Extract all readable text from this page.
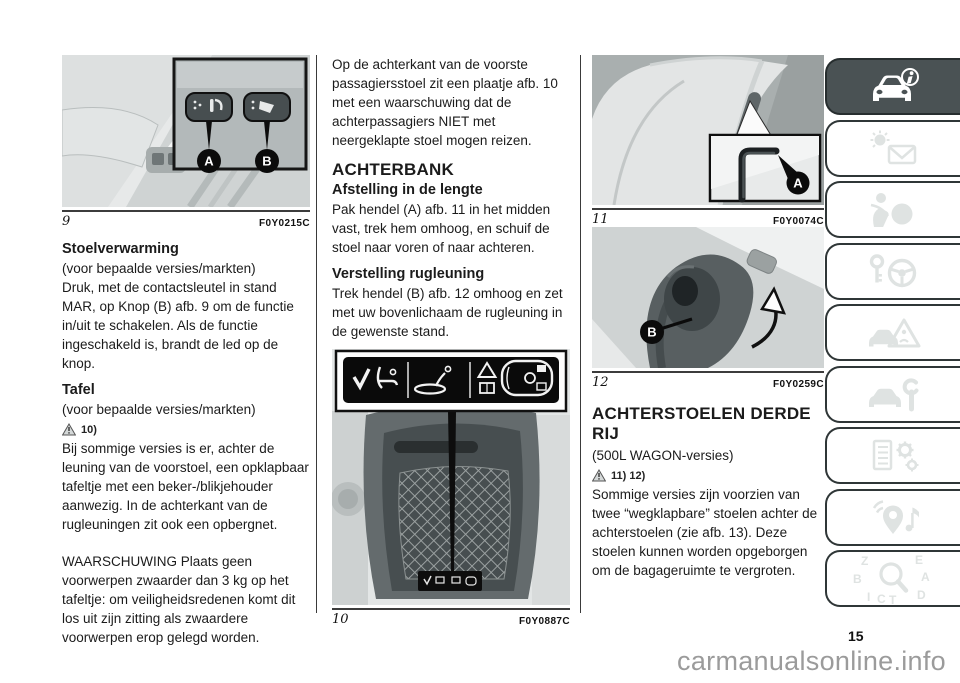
A	B
9	F0Y0215C
Stoelverwarming

(voor bepaalde versies/markten)

Druk, met de contactsleutel in stand MAR, op Knop (B) afb. 9 om de functie in/uit te schakelen. Als de functie ingeschakeld is, brandt de led op de knop.

Tafel

(voor bepaalde versies/markten)

10)

Bij sommige versies is er, achter de leuning van de voorstoel, een opklapbaar tafeltje met een beker-/blikjehouder aanwezig. In de achterkant van de rugleuningen zit ook een opbergnet.

WAARSCHUWING Plaats geen voorwerpen zwaarder dan 3 kg op het tafeltje: om veiligheidsredenen komt dit los uit zijn zitting als zwaardere voorwerpen erop gelegd worden.

Op de achterkant van de voorste passagiersstoel zit een plaatje afb. 10 met een waarschuwing dat de achterpassagiers NIET met neergeklapte stoel mogen reizen.

ACHTERBANK
Afstelling in de lengte

Pak hendel (A) afb. 11 in het midden vast, trek hem omhoog, en schuif de stoel naar voren of naar achteren.

Verstelling rugleuning

Trek hendel (B) afb. 12 omhoog en zet met uw bovenlichaam de rugleuning in de gewenste stand.

10	F0Y0887C
A
11	F0Y0074C
B
12	F0Y0259C
ACHTERSTOELEN DERDE RIJ

(500L WAGON-versies)

11) 12)

Sommige versies zijn voorzien van twee “wegklapbare” stoelen achter de achterstoelen (zie afb. 13). Deze stoelen kunnen worden opgeborgen om de bagageruimte te vergroten.

Z	E
B	A
I C T D
15
carmanualsonline.info
